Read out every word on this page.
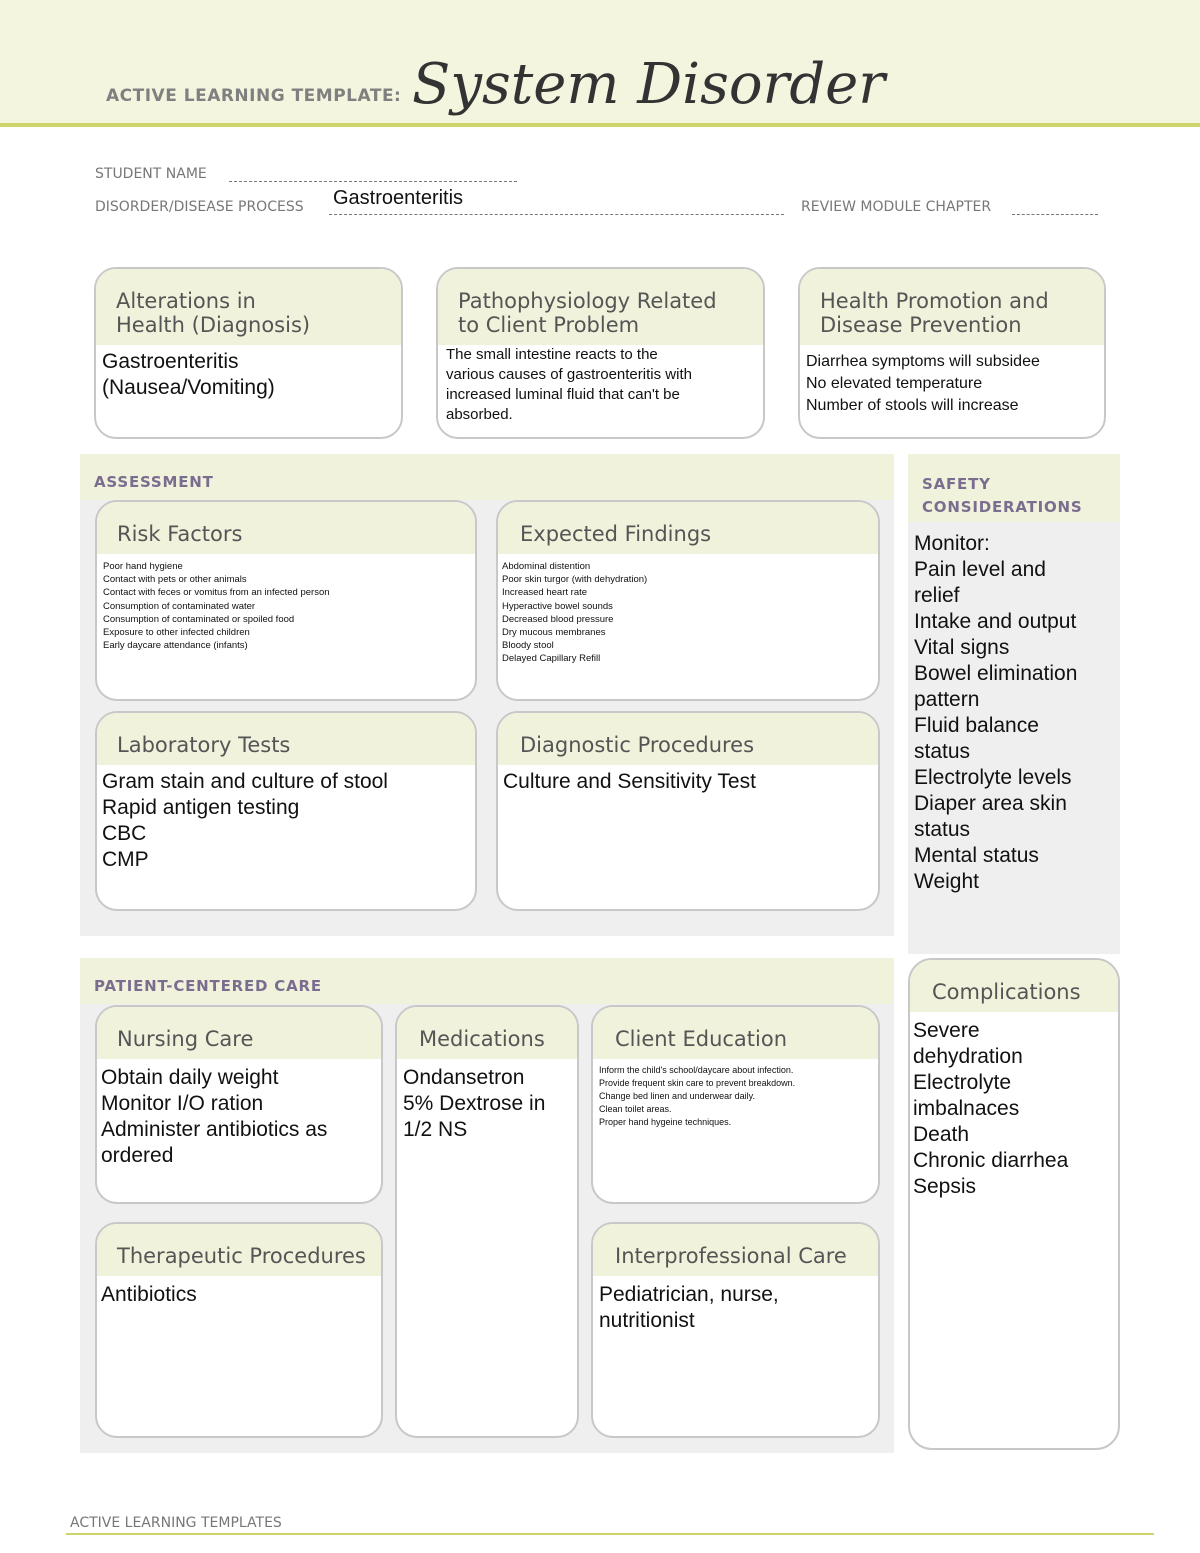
ACTIVE LEARNING TEMPLATE: System Disorder
STUDENT NAME
DISORDER/DISEASE PROCESS Gastroenteritis	REVIEW MODULE CHAPTER
Alterations in
Health (Diagnosis)
Gastroenteritis
(Nausea/Vomiting)
Pathophysiology Related
to Client Problem
The small intestine reacts to the
various causes of gastroenteritis with
increased luminal fluid that can't be
absorbed.
Health Promotion and
Disease Prevention
Diarrhea symptoms will subsidee
No elevated temperature
Number of stools will increase
ASSESSMENT
Risk Factors
Poor hand hygiene
Contact with pets or other animals
Contact with feces or vomitus from an infected person
Consumption of contaminated water
Consumption of contaminated or spoiled food
Exposure to other infected children
Early daycare attendance (infants)
Expected Findings
Abdominal distention
Poor skin turgor (with dehydration)
Increased heart rate
Hyperactive bowel sounds
Decreased blood pressure
Dry mucous membranes
Bloody stool
Delayed Capillary Refill
Laboratory Tests
Gram stain and culture of stool
Rapid antigen testing
CBC
CMP
Diagnostic Procedures
Culture and Sensitivity Test
SAFETY
CONSIDERATIONS
Monitor:
Pain level and
relief
Intake and output
Vital signs
Bowel elimination
pattern
Fluid balance
status
Electrolyte levels
Diaper area skin
status
Mental status
Weight
Complications
Severe
dehydration
Electrolyte
imbalnaces
Death
Chronic diarrhea
Sepsis
PATIENT-CENTERED CARE
Nursing Care
Obtain daily weight
Monitor I/O ration
Administer antibiotics as
ordered
Medications
Ondansetron
5% Dextrose in
1/2 NS
Client Education
Inform the child's school/daycare about infection.
Provide frequent skin care to prevent breakdown.
Change bed linen and underwear daily.
Clean toilet areas.
Proper hand hygeine techniques.
Therapeutic Procedures
Antibiotics
Interprofessional Care
Pediatrician, nurse,
nutritionist
ACTIVE LEARNING TEMPLATES
